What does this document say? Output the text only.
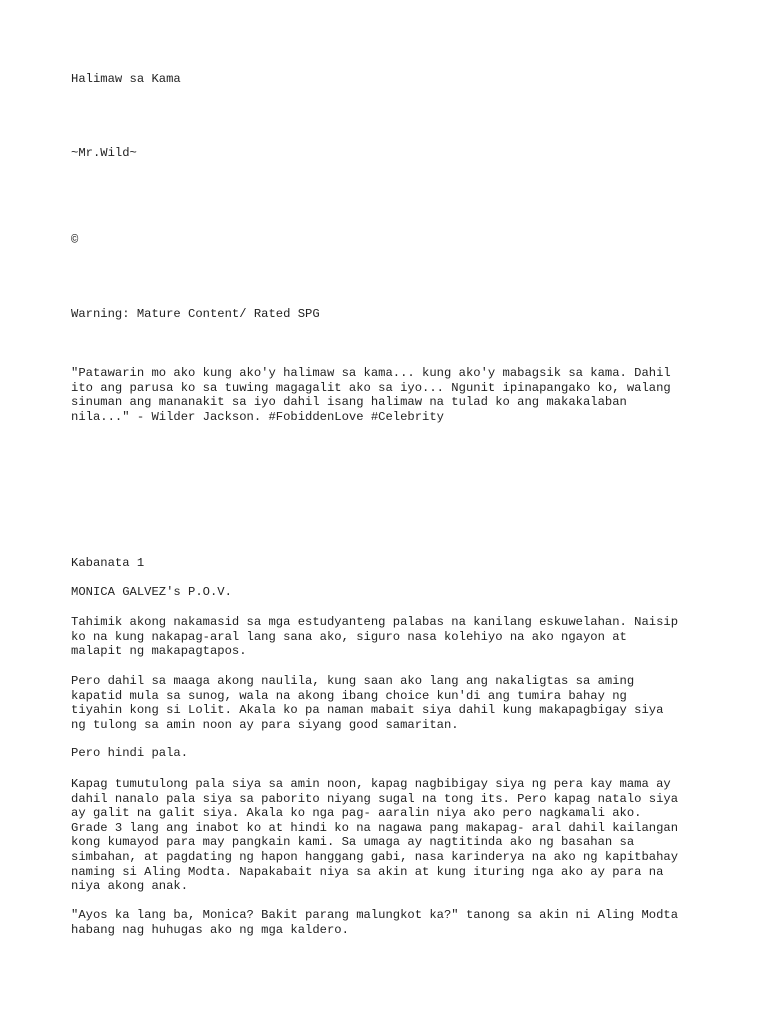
Halimaw sa Kama

~Mr.Wild~

©

Warning: Mature Content/ Rated SPG

"Patawarin mo ako kung ako'y halimaw sa kama... kung ako'y mabagsik sa kama. Dahil
ito ang parusa ko sa tuwing magagalit ako sa iyo... Ngunit ipinapangako ko, walang
sinuman ang mananakit sa iyo dahil isang halimaw na tulad ko ang makakalaban
nila..." - Wilder Jackson. #FobiddenLove #Celebrity

Kabanata 1

MONICA GALVEZ's P.O.V.

Tahimik akong nakamasid sa mga estudyanteng palabas na kanilang eskuwelahan. Naisip
ko na kung nakapag-aral lang sana ako, siguro nasa kolehiyo na ako ngayon at
malapit ng makapagtapos.
Pero dahil sa maaga akong naulila, kung saan ako lang ang nakaligtas sa aming
kapatid mula sa sunog, wala na akong ibang choice kun'di ang tumira bahay ng
tiyahin kong si Lolit. Akala ko pa naman mabait siya dahil kung makapagbigay siya
ng tulong sa amin noon ay para siyang good samaritan.

Pero hindi pala.

Kapag tumutulong pala siya sa amin noon, kapag nagbibigay siya ng pera kay mama ay
dahil nanalo pala siya sa paborito niyang sugal na tong its. Pero kapag natalo siya
ay galit na galit siya. Akala ko nga pag- aaralin niya ako pero nagkamali ako.
Grade 3 lang ang inabot ko at hindi ko na nagawa pang makapag- aral dahil kailangan
kong kumayod para may pangkain kami. Sa umaga ay nagtitinda ako ng basahan sa
simbahan, at pagdating ng hapon hanggang gabi, nasa karinderya na ako ng kapitbahay
naming si Aling Modta. Napakabait niya sa akin at kung ituring nga ako ay para na
niya akong anak.
"Ayos ka lang ba, Monica? Bakit parang malungkot ka?" tanong sa akin ni Aling Modta
habang nag huhugas ako ng mga kaldero.
